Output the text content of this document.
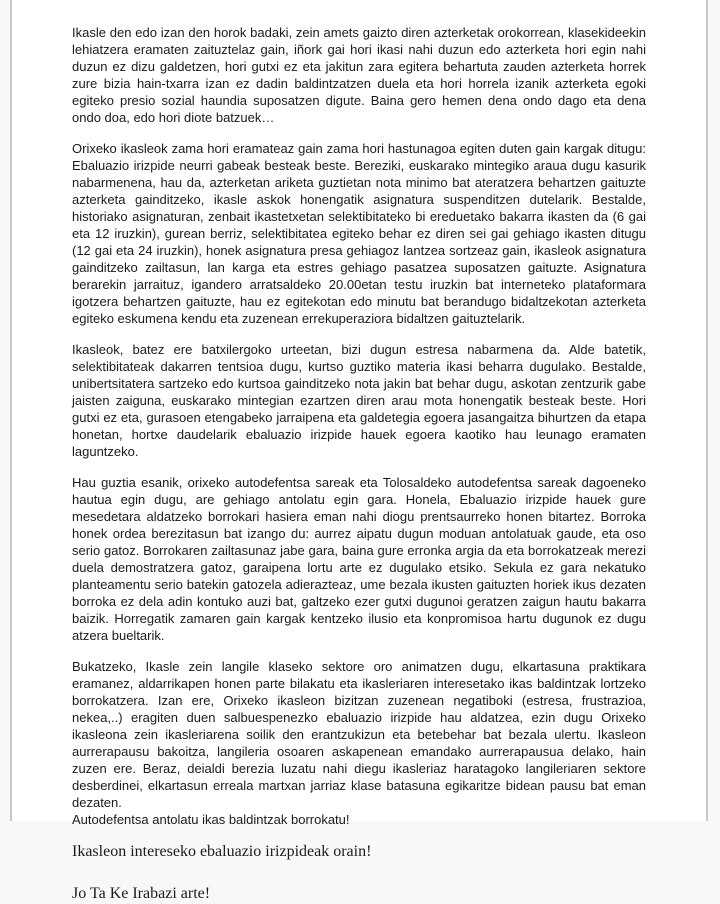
Ikasle den edo izan den horok badaki, zein amets gaizto diren azterketak orokorrean, klasekideekin lehiatzera eramaten zaituztelaz gain, iñork gai hori ikasi nahi duzun edo azterketa hori egin nahi duzun ez dizu galdetzen, hori gutxi ez eta jakitun zara egitera behartuta zauden azterketa horrek zure bizia hain-txarra izan ez dadin baldintzatzen duela eta hori horrela izanik azterketa egoki egiteko presio sozial haundia suposatzen digute. Baina gero hemen dena ondo dago eta dena ondo doa, edo hori diote batzuek…

Orixeko ikasleok zama hori eramateaz gain zama hori hastunagoa egiten duten gain kargak ditugu: Ebaluazio irizpide neurri gabeak besteak beste. Bereziki, euskarako mintegiko araua dugu kasurik nabarmenena, hau da, azterketan ariketa guztietan nota minimo bat ateratzera behartzen gaituzte azterketa gainditzeko, ikasle askok honengatik asignatura suspenditzen dutelarik. Bestalde, historiako asignaturan, zenbait ikastetxetan selektibitateko bi ereduetako bakarra ikasten da (6 gai eta 12 iruzkin), gurean berriz, selektibitatea egiteko behar ez diren sei gai gehiago ikasten ditugu (12 gai eta 24 iruzkin), honek asignatura presa gehiagoz lantzea sortzeaz gain, ikasleok asignatura gainditzeko zailtasun, lan karga eta estres gehiago pasatzea suposatzen gaituzte. Asignatura berarekin jarraituz, igandero arratsaldeko 20.00etan testu iruzkin bat interneteko plataformara igotzera behartzen gaituzte, hau ez egitekotan edo minutu bat berandugo bidaltzekotan azterketa egiteko eskumena kendu eta zuzenean errekuperaziora bidaltzen gaituztelarik.

Ikasleok, batez ere batxilergoko urteetan, bizi dugun estresa nabarmena da. Alde batetik, selektibitateak dakarren tentsioa dugu, kurtso guztiko materia ikasi beharra dugulako. Bestalde, unibertsitatera sartzeko edo kurtsoa gainditzeko nota jakin bat behar dugu, askotan zentzurik gabe jaisten zaiguna, euskarako mintegian ezartzen diren arau mota honengatik besteak beste. Hori gutxi ez eta, gurasoen etengabeko jarraipena eta galdetegia egoera jasangaitza bihurtzen da etapa honetan, hortxe daudelarik ebaluazio irizpide hauek egoera kaotiko hau leunago eramaten laguntzeko.

Hau guztia esanik, orixeko autodefentsa sareak eta Tolosaldeko autodefentsa sareak dagoeneko hautua egin dugu, are gehiago antolatu egin gara. Honela, Ebaluazio irizpide hauek gure mesedetara aldatzeko borrokari hasiera eman nahi diogu prentsaurreko honen bitartez. Borroka honek ordea berezitasun bat izango du: aurrez aipatu dugun moduan antolatuak gaude, eta oso serio gatoz. Borrokaren zailtasunaz jabe gara, baina gure erronka argia da eta borrokatzeak merezi duela demostratzera gatoz, garaipena lortu arte ez dugulako etsiko. Sekula ez gara nekatuko planteamentu serio batekin gatozela adierazteaz, ume bezala ikusten gaituzten horiek ikus dezaten borroka ez dela adin kontuko auzi bat, galtzeko ezer gutxi dugunoi geratzen zaigun hautu bakarra baizik. Horregatik zamaren gain kargak kentzeko ilusio eta konpromisoa hartu dugunok ez dugu atzera bueltarik.

Bukatzeko, Ikasle zein langile klaseko sektore oro animatzen dugu, elkartasuna praktikara eramanez, aldarrikapen honen parte bilakatu eta ikasleriaren interesetako ikas baldintzak lortzeko borrokatzera. Izan ere, Orixeko ikasleon bizitzan zuzenean negatiboki (estresa, frustrazioa, nekea,..) eragiten duen salbuespenezko ebaluazio irizpide hau aldatzea, ezin dugu Orixeko ikasleona zein ikasleriarena soilik den erantzukizun eta betebehar bat bezala ulertu. Ikasleon aurrerapausu bakoitza, langileria osoaren askapenean emandako aurrerapausua delako, hain zuzen ere. Beraz, deialdi berezia luzatu nahi diegu ikasleriaz haratagoko langileriaren sektore desberdinei, elkartasun erreala martxan jarriaz klase batasuna egikaritze bidean pausu bat eman dezaten.

Autodefentsa antolatu ikas baldintzak borrokatu!

Ikasleon intereseko ebaluazio irizpideak orain!

Jo Ta Ke Irabazi arte!
